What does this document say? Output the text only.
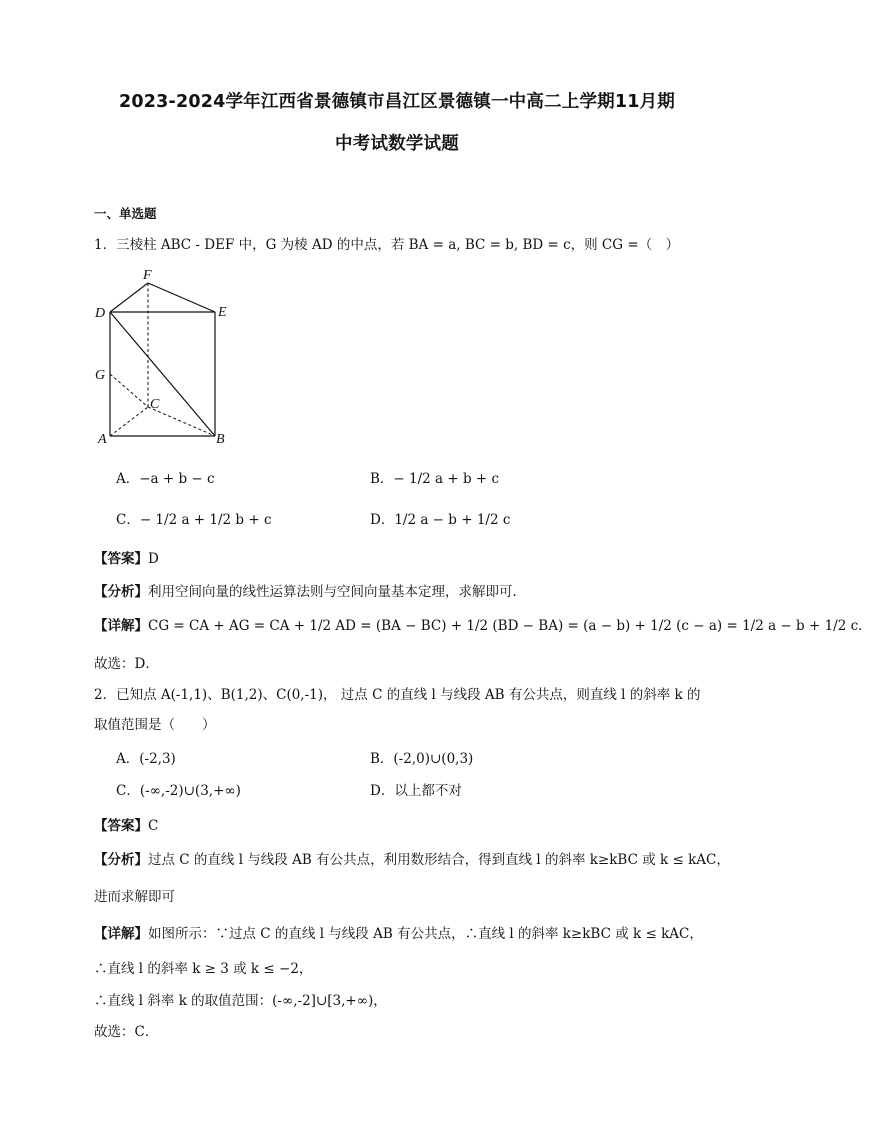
2023-2024学年江西省景德镇市昌江区景德镇一中高二上学期11月期
中考试数学试题
一、单选题
1．三棱柱 ABC - DEF 中，G 为棱 AD 的中点，若 BA = a, BC = b, BD = c，则 CG =（　）
F
D	E
G
C
A	B
A．−a + b − c	B．− 1/2 a + b + c
C．− 1/2 a + 1/2 b + c	D．1/2 a − b + 1/2 c
【答案】D
【分析】利用空间向量的线性运算法则与空间向量基本定理，求解即可．
【详解】CG = CA + AG = CA + 1/2 AD = (BA − BC) + 1/2 (BD − BA) = (a − b) + 1/2 (c − a) = 1/2 a − b + 1/2 c．
故选：D．
2．已知点 A(-1,1)、B(1,2)、C(0,-1)， 过点 C 的直线 l 与线段 AB 有公共点，则直线 l 的斜率 k 的
取值范围是（　　）
A．(-2,3)	B．(-2,0)∪(0,3)
C．(-∞,-2)∪(3,+∞)	D．以上都不对
【答案】C
【分析】过点 C 的直线 l 与线段 AB 有公共点，利用数形结合，得到直线 l 的斜率 k≥kBC 或 k ≤ kAC，
进而求解即可
【详解】如图所示：∵过点 C 的直线 l 与线段 AB 有公共点，∴直线 l 的斜率 k≥kBC 或 k ≤ kAC，
∴直线 l 的斜率 k ≥ 3 或 k ≤ −2，
∴直线 l 斜率 k 的取值范围：(-∞,-2]∪[3,+∞)，
故选：C．
